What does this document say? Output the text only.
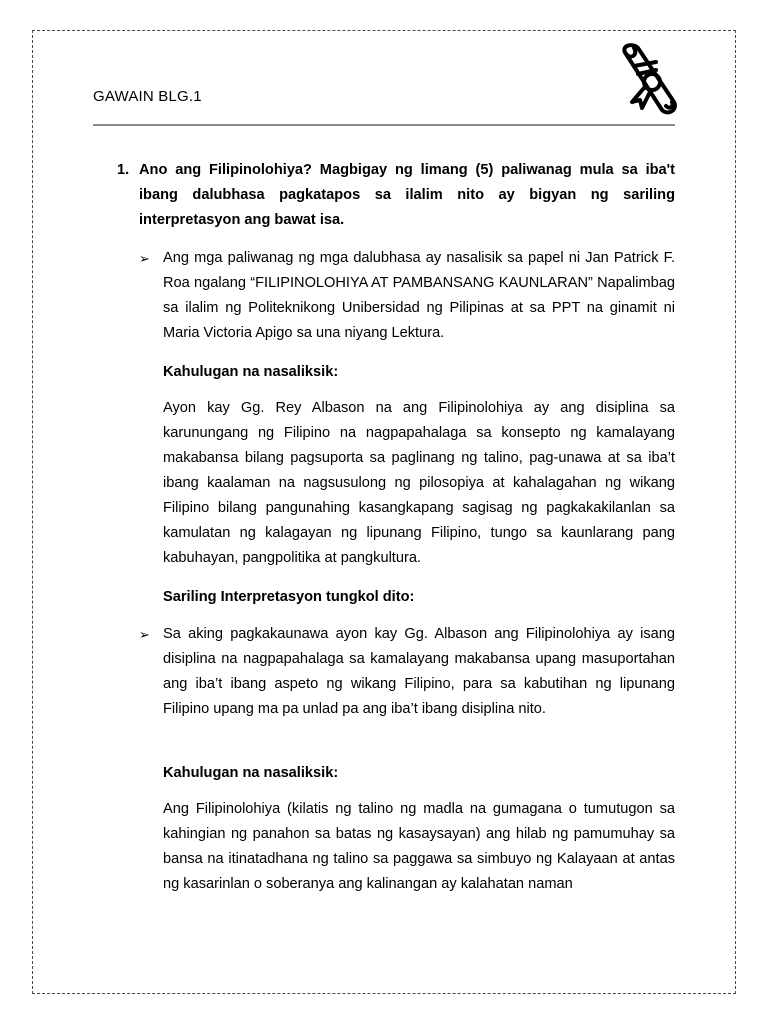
GAWAIN BLG.1
1. Ano ang Filipinolohiya? Magbigay ng limang (5) paliwanag mula sa iba't ibang dalubhasa pagkatapos sa ilalim nito ay bigyan ng sariling interpretasyon ang bawat isa.
➢ Ang mga paliwanag ng mga dalubhasa ay nasalisik sa papel ni Jan Patrick F. Roa ngalang “FILIPINOLOHIYA AT PAMBANSANG KAUNLARAN” Napalimbag sa ilalim ng Politeknikong Unibersidad ng Pilipinas at sa PPT na ginamit ni Maria Victoria Apigo sa una niyang Lektura.
Kahulugan na nasaliksik:
Ayon kay Gg. Rey Albason na ang Filipinolohiya ay ang disiplina sa karunungang ng Filipino na nagpapahalaga sa konsepto ng kamalayang makabansa bilang pagsuporta sa paglinang ng talino, pag-unawa at sa iba’t ibang kaalaman na nagsusulong ng pilosopiya at kahalagahan ng wikang Filipino bilang pangunahing kasangkapang sagisag ng pagkakakilanlan sa kamulatan ng kalagayan ng lipunang Filipino, tungo sa kaunlarang pang kabuhayan, pangpolitika at pangkultura.
Sariling Interpretasyon tungkol dito:
➢ Sa aking pagkakaunawa ayon kay Gg. Albason ang Filipinolohiya ay isang disiplina na nagpapahalaga sa kamalayang makabansa upang masuportahan ang iba’t ibang aspeto ng wikang Filipino, para sa kabutihan ng lipunang Filipino upang ma pa unlad pa ang iba’t ibang disiplina nito.
Kahulugan na nasaliksik:
Ang Filipinolohiya (kilatis ng talino ng madla na gumagana o tumutugon sa kahingian ng panahon sa batas ng kasaysayan) ang hilab ng pamumuhay sa bansa na itinatadhana ng talino sa paggawa sa simbuyo ng Kalayaan at antas ng kasarinlan o soberanya ang kalinangan ay kalahatan naman
